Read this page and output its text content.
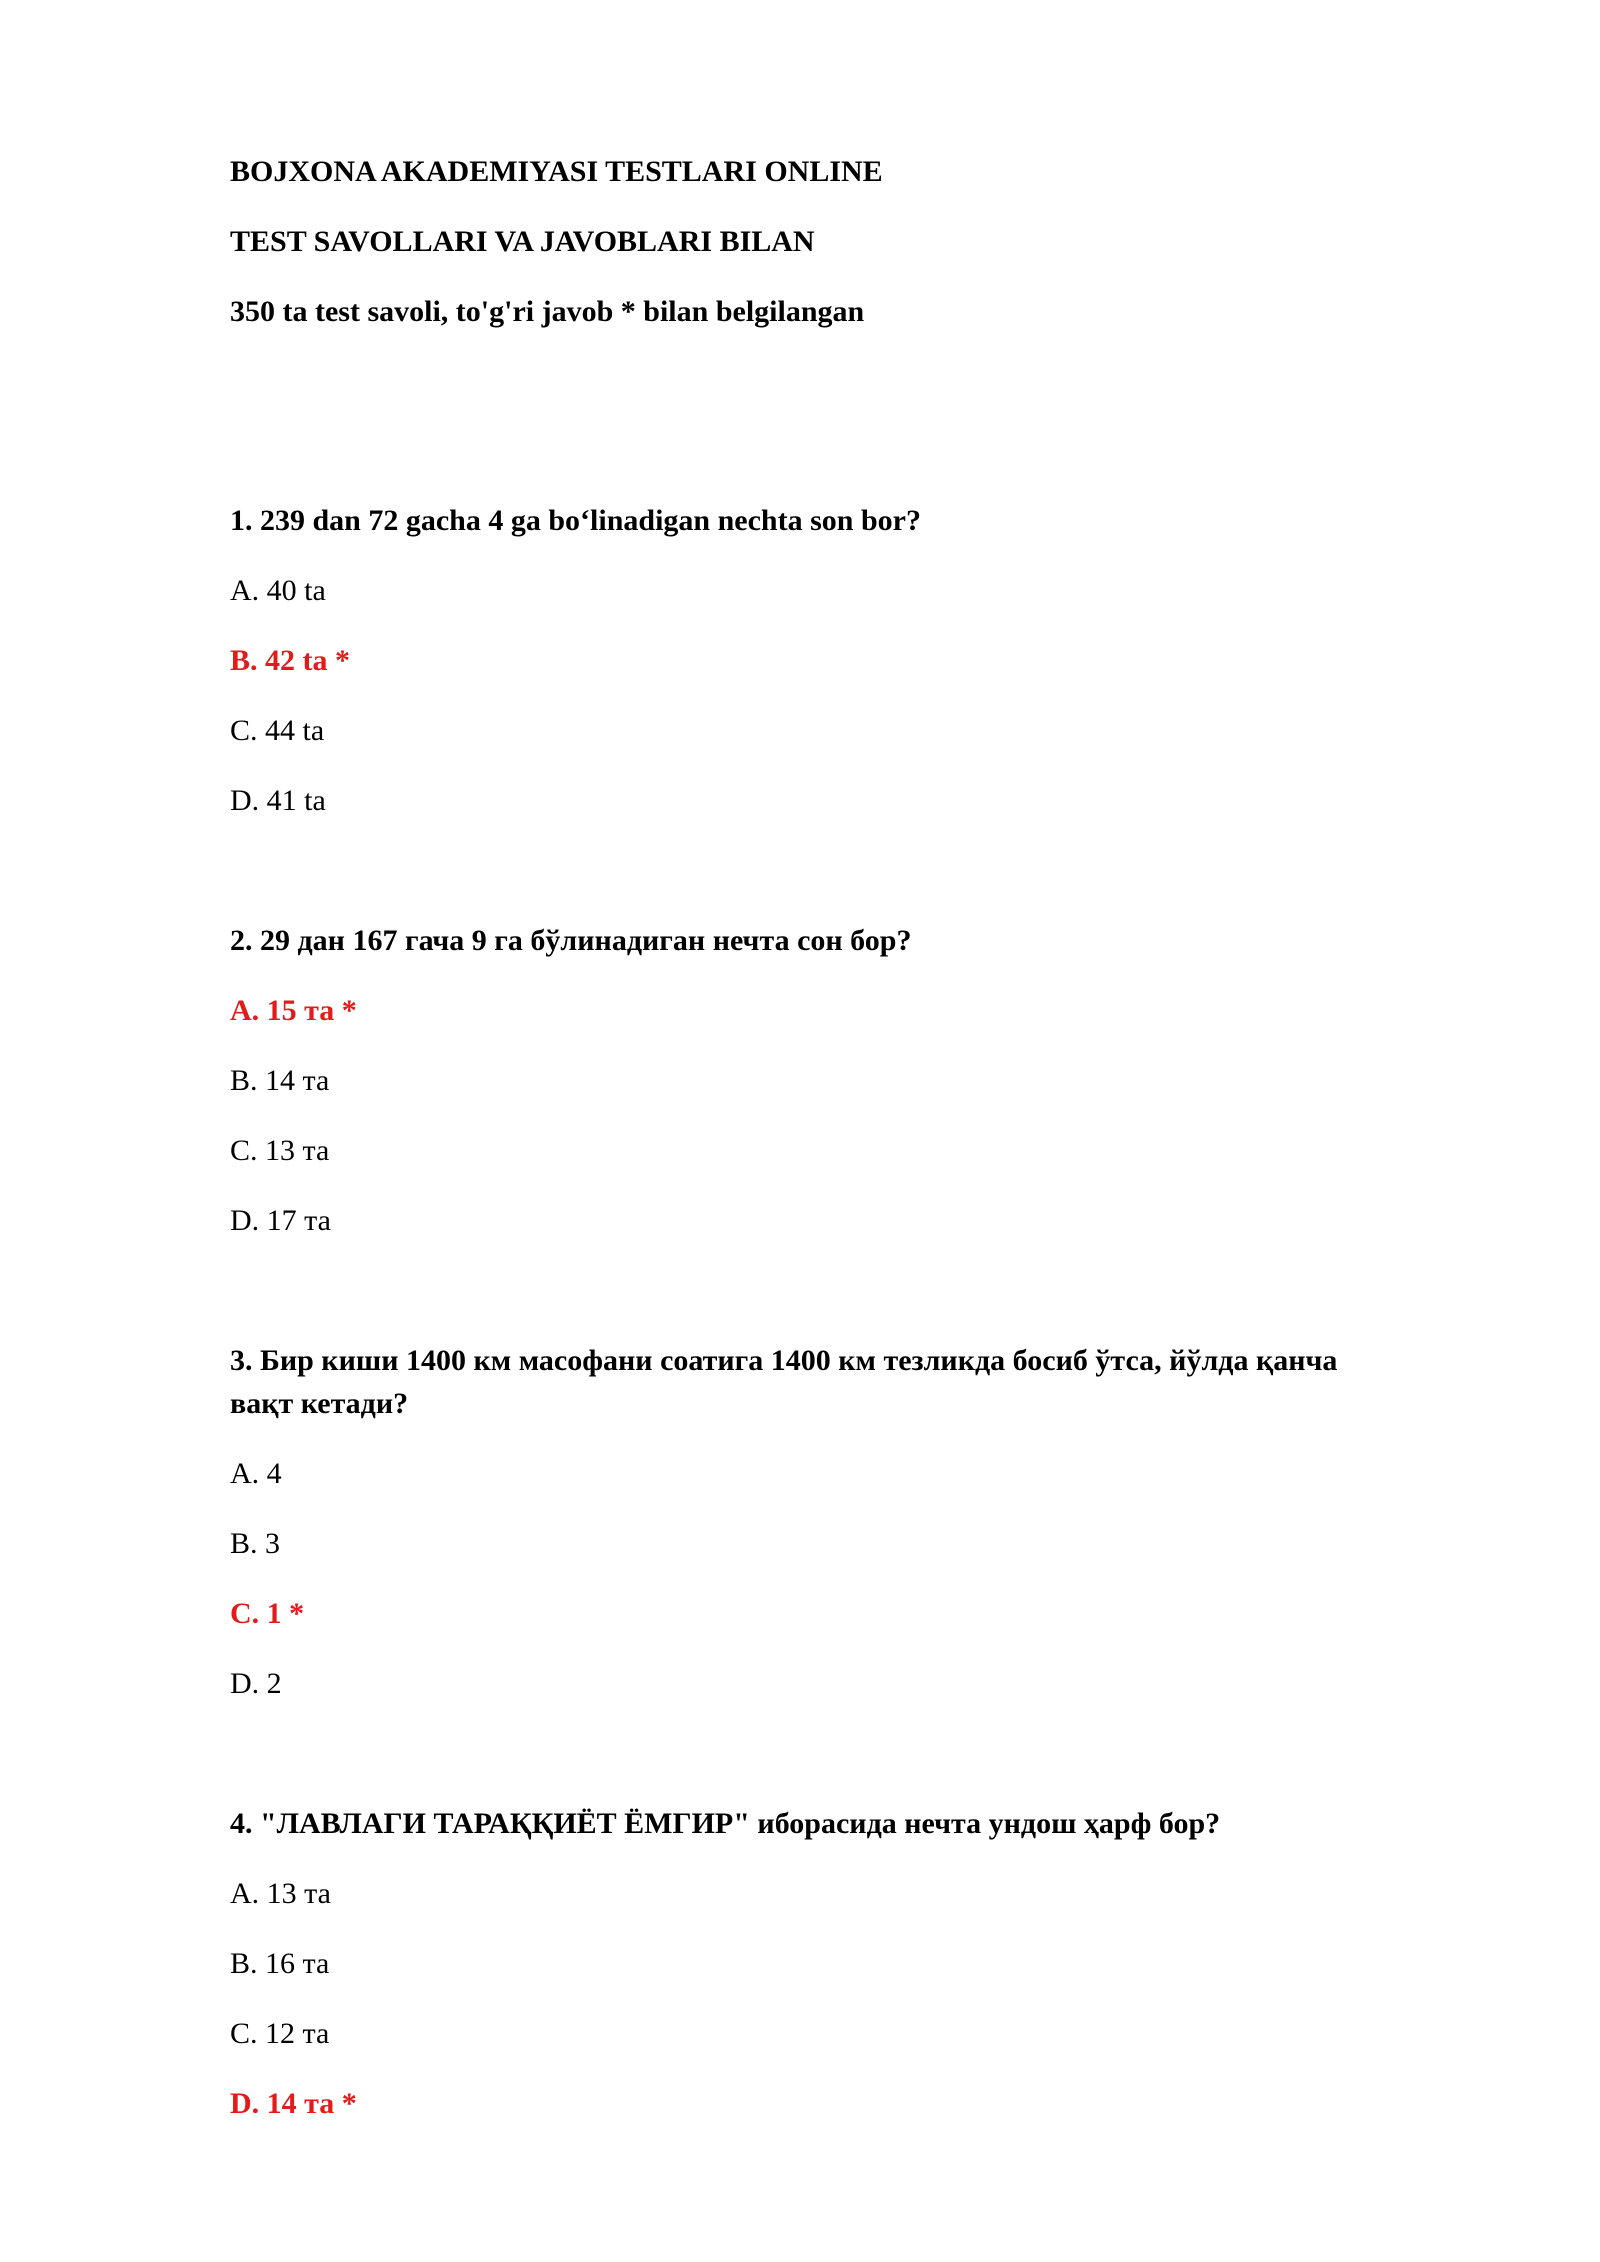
BOJXONA AKADEMIYASI TESTLARI ONLINE
TEST SAVOLLARI VA JAVOBLARI BILAN
350 ta test savoli, to'g'ri javob * bilan belgilangan
1. 239 dan 72 gacha 4 ga bo‘linadigan nechta son bor?
A. 40 ta
B. 42 ta *
C. 44 ta
D. 41 ta
2. 29 дан 167 гача 9 га бўлинадиган нечта сон бор?
A. 15 та *
B. 14 та
C. 13 та
D. 17 та
3. Бир киши 1400 км масофани соатига 1400 км тезликда босиб ўтса, йўлда қанча
вақт кетади?
A. 4
B. 3
C. 1 *
D. 2
4. "ЛАВЛАГИ ТАРАҚҚИЁТ ЁМГИР" иборасида нечта ундош ҳарф бор?
A. 13 та
B. 16 та
C. 12 та
D. 14 та *
